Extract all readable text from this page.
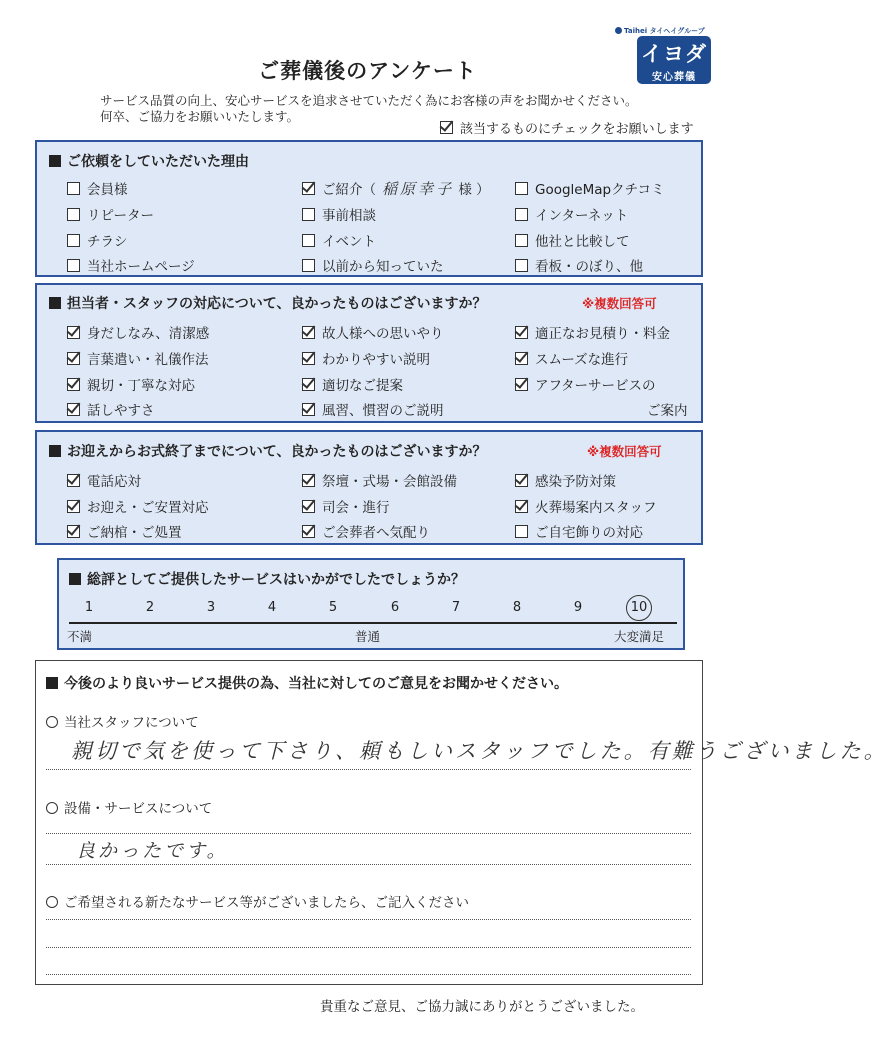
Taihei タイヘイグループ
イヨダ
安心葬儀
ご葬儀後のアンケート
サービス品質の向上、安心サービスを追求させていただく為にお客様の声をお聞かせください。
何卒、ご協力をお願いいたします。
該当するものにチェックをお願いします
ご依頼をしていただいた理由
会員様	ご紹介（ 稲原幸子 様 ）	GoogleMapクチコミ
リピーター	事前相談	インターネット
チラシ	イベント	他社と比較して
当社ホームページ	以前から知っていた	看板・のぼり、他
担当者・スタッフの対応について、良かったものはございますか？	※複数回答可
身だしなみ、清潔感	故人様への思いやり	適正なお見積り・料金
言葉遣い・礼儀作法	わかりやすい説明	スムーズな進行
親切・丁寧な対応	適切なご提案	アフターサービスの
話しやすさ	風習、慣習のご説明	ご案内
お迎えからお式終了までについて、良かったものはございますか？	※複数回答可
電話応対	祭壇・式場・会館設備	感染予防対策
お迎え・ご安置対応	司会・進行	火葬場案内スタッフ
ご納棺・ご処置	ご会葬者へ気配り	ご自宅飾りの対応
総評としてご提供したサービスはいかがでしたでしょうか？
1	2	3	4	5	6	7	8	9	10
不満	普通	大変満足
今後のより良いサービス提供の為、当社に対してのご意見をお聞かせください。
当社スタッフについて
親切で気を使って下さり、頼もしいスタッフでした。有難うございました。
設備・サービスについて
良かったです。
ご希望される新たなサービス等がございましたら、ご記入ください
貴重なご意見、ご協力誠にありがとうございました。
